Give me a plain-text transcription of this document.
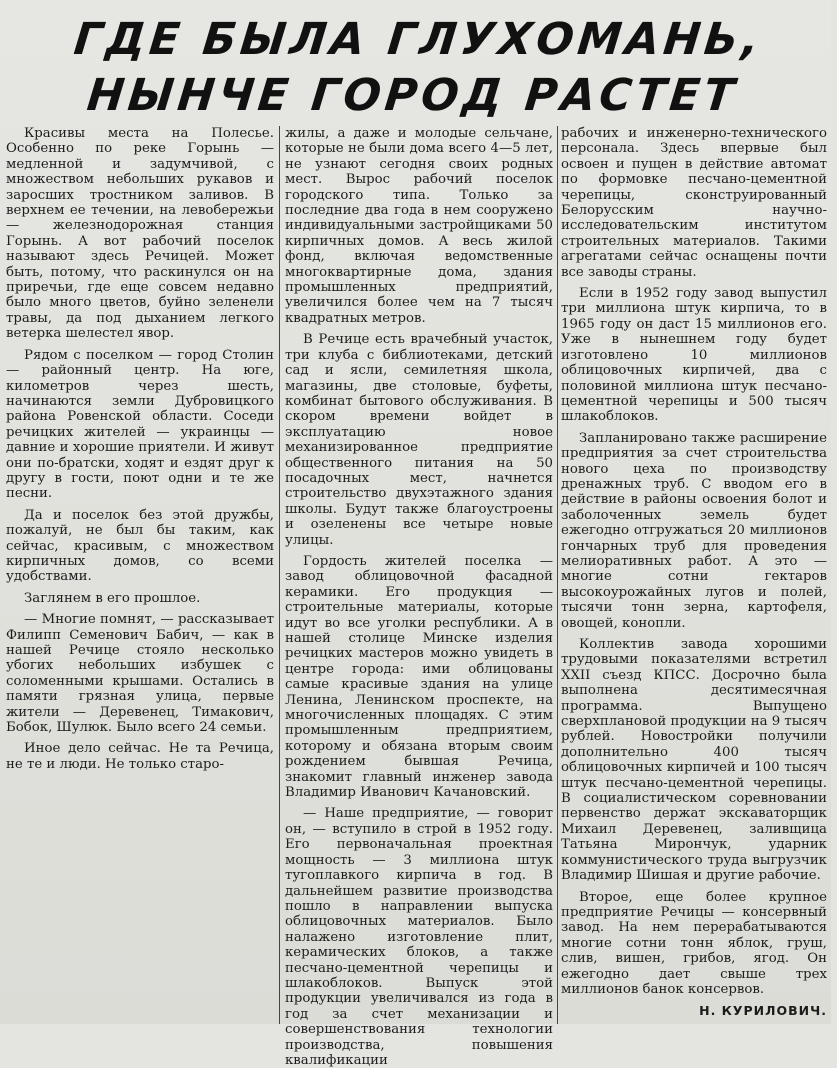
ГДЕ БЫЛА ГЛУХОМАНЬ,
НЫНЧЕ ГОРОД РАСТЕТ

Красивы места на Полесье. Особенно по реке Горынь — медленной и задумчивой, с множеством небольших рукавов и заросших тростником заливов. В верхнем ее течении, на левобережьи — железнодорожная станция Горынь. А вот рабочий поселок называют здесь Речицей. Может быть, потому, что раскинулся он на приречьи, где еще совсем недавно было много цветов, буйно зеленели травы, да под дыханием легкого ветерка шелестел явор.

Рядом с поселком — город Столин — районный центр. На юге, километров через шесть, начинаются земли Дубровицкого района Ровенской области. Соседи речицких жителей — украинцы — давние и хорошие приятели. И живут они по-братски, ходят и ездят друг к другу в гости, поют одни и те же песни.

Да и поселок без этой дружбы, пожалуй, не был бы таким, как сейчас, красивым, с множеством кирпичных домов, со всеми удобствами.

Заглянем в его прошлое.

— Многие помнят, — рассказывает Филипп Семенович Бабич, — как в нашей Речице стояло несколько убогих небольших избушек с соломенными крышами. Остались в памяти грязная улица, первые жители — Деревенец, Тимакович, Бобок, Шулюк. Было всего 24 семьи.

Иное дело сейчас. Не та Речица, не те и люди. Не только старо-

жилы, а даже и молодые сельчане, которые не были дома всего 4—5 лет, не узнают сегодня своих родных мест. Вырос рабочий поселок городского типа. Только за последние два года в нем сооружено индивидуальными застройщиками 50 кирпичных домов. А весь жилой фонд, включая ведомственные многоквартирные дома, здания промышленных предприятий, увеличился более чем на 7 тысяч квадратных метров.

В Речице есть врачебный участок, три клуба с библиотеками, детский сад и ясли, семилетняя школа, магазины, две столовые, буфеты, комбинат бытового обслуживания. В скором времени войдет в эксплуатацию новое механизированное предприятие общественного питания на 50 посадочных мест, начнется строительство двухэтажного здания школы. Будут также благоустроены и озеленены все четыре новые улицы.

Гордость жителей поселка — завод облицовочной фасадной керамики. Его продукция — строительные материалы, которые идут во все уголки республики. А в нашей столице Минске изделия речицких мастеров можно увидеть в центре города: ими облицованы самые красивые здания на улице Ленина, Ленинском проспекте, на многочисленных площадях. С этим промышленным предприятием, которому и обязана вторым своим рождением бывшая Речица, знакомит главный инженер завода Владимир Иванович Качановский.

— Наше предприятие, — говорит он, — вступило в строй в 1952 году. Его первоначальная проектная мощность — 3 миллиона штук тугоплавкого кирпича в год. В дальнейшем развитие производства пошло в направлении выпуска облицовочных материалов. Было налажено изготовление плит, керамических блоков, а также песчано-цементной черепицы и шлакоблоков. Выпуск этой продукции увеличивался из года в год за счет механизации и совершенствования технологии производства, повышения квалификации

рабочих и инженерно-технического персонала. Здесь впервые был освоен и пущен в действие автомат по формовке песчано-цементной черепицы, сконструированный Белорусским научно-исследовательским институтом строительных материалов. Такими агрегатами сейчас оснащены почти все заводы страны.

Если в 1952 году завод выпустил три миллиона штук кирпича, то в 1965 году он даст 15 миллионов его. Уже в нынешнем году будет изготовлено 10 миллионов облицовочных кирпичей, два с половиной миллиона штук песчано-цементной черепицы и 500 тысяч шлакоблоков.

Запланировано также расширение предприятия за счет строительства нового цеха по производству дренажных труб. С вводом его в действие в районы освоения болот и заболоченных земель будет ежегодно отгружаться 20 миллионов гончарных труб для проведения мелиоративных работ. А это — многие сотни гектаров высокоурожайных лугов и полей, тысячи тонн зерна, картофеля, овощей, конопли.

Коллектив завода хорошими трудовыми показателями встретил XXII съезд КПСС. Досрочно была выполнена десятимесячная программа. Выпущено сверхплановой продукции на 9 тысяч рублей. Новостройки получили дополнительно 400 тысяч облицовочных кирпичей и 100 тысяч штук песчано-цементной черепицы. В социалистическом соревновании первенство держат экскаваторщик Михаил Деревенец, заливщица Татьяна Мирончук, ударник коммунистического труда выгрузчик Владимир Шишая и другие рабочие.

Второе, еще более крупное предприятие Речицы — консервный завод. На нем перерабатываются многие сотни тонн яблок, груш, слив, вишен, грибов, ягод. Он ежегодно дает свыше трех миллионов банок консервов.

Н. КУРИЛОВИЧ.
